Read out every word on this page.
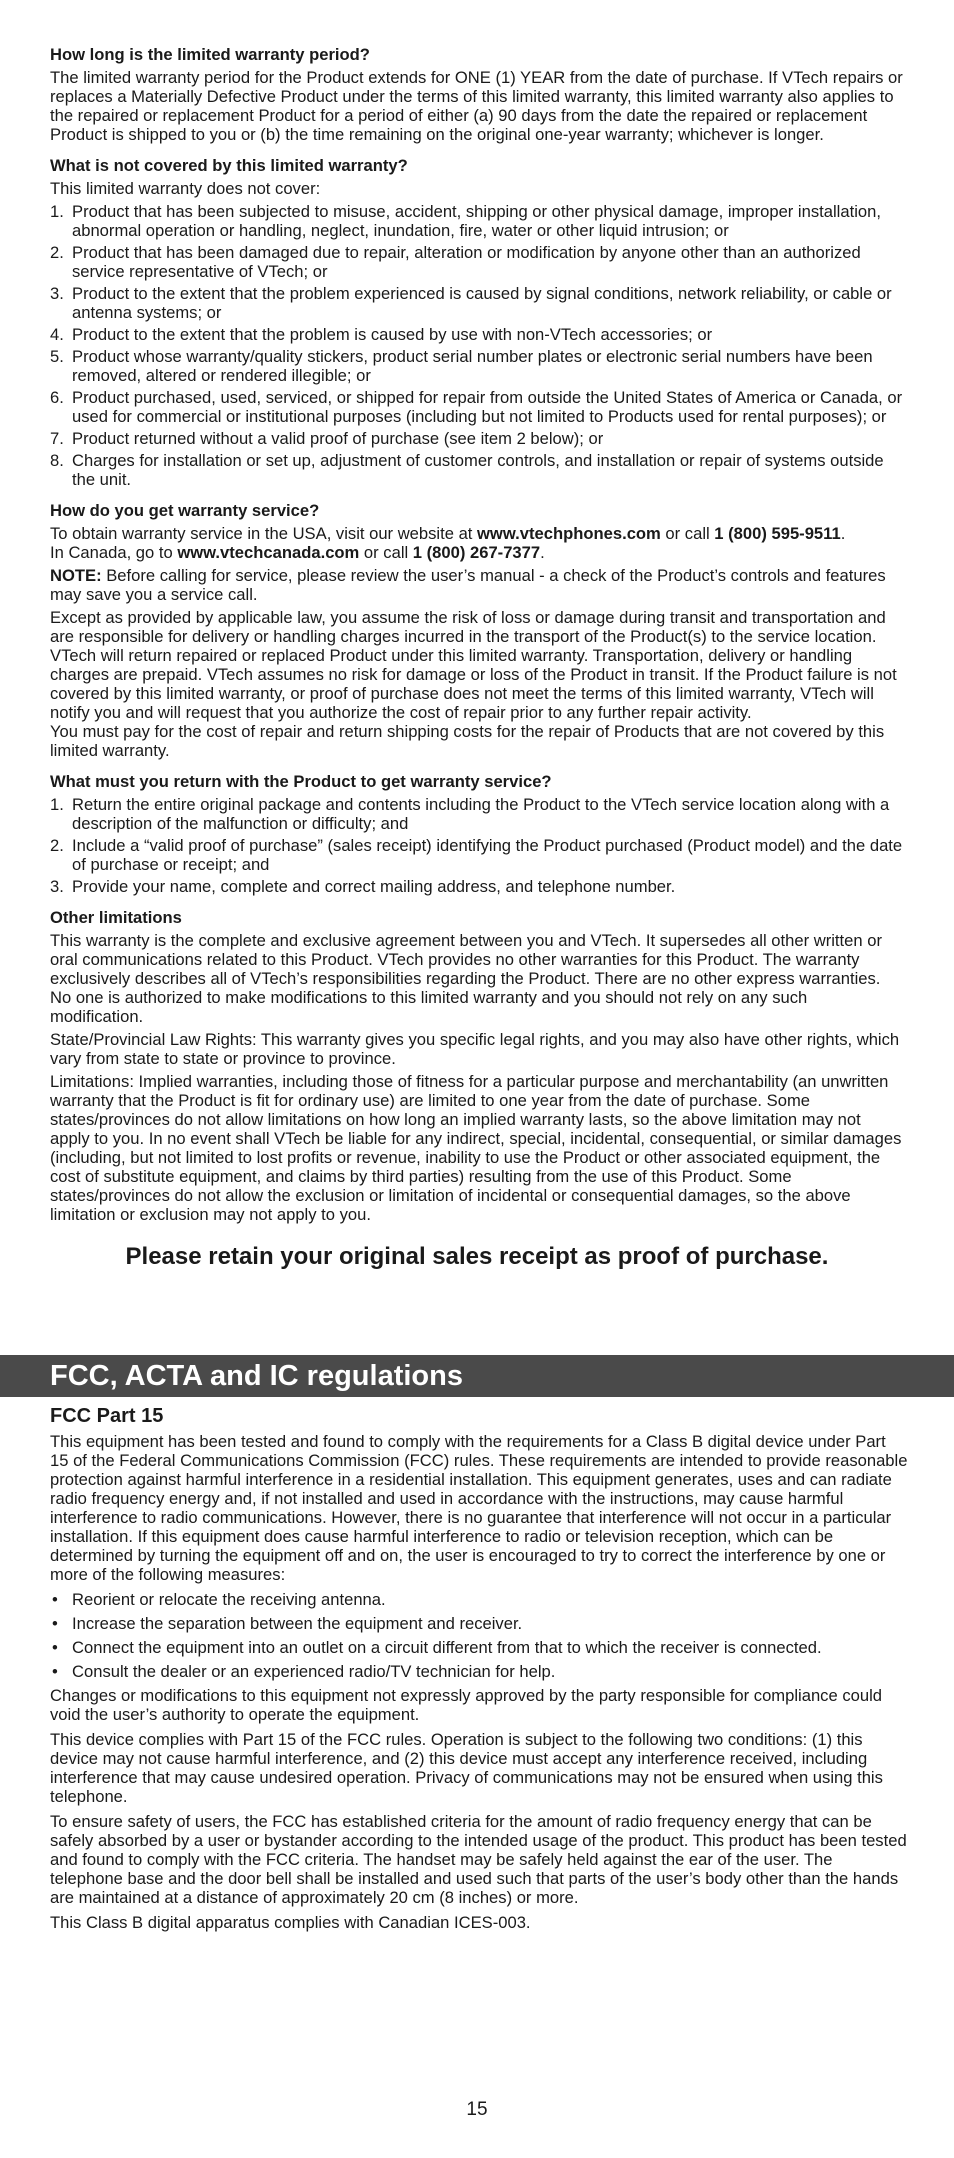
How long is the limited warranty period?

The limited warranty period for the Product extends for ONE (1) YEAR from the date of purchase. If VTech repairs or replaces a Materially Defective Product under the terms of this limited warranty, this limited warranty also applies to the repaired or replacement Product for a period of either (a) 90 days from the date the repaired or replacement Product is shipped to you or (b) the time remaining on the original one-year warranty; whichever is longer.

What is not covered by this limited warranty?

This limited warranty does not cover:

1. Product that has been subjected to misuse, accident, shipping or other physical damage, improper installation, abnormal operation or handling, neglect, inundation, fire, water or other liquid intrusion; or
2. Product that has been damaged due to repair, alteration or modification by anyone other than an authorized service representative of VTech; or
3. Product to the extent that the problem experienced is caused by signal conditions, network reliability, or cable or antenna systems; or
4. Product to the extent that the problem is caused by use with non-VTech accessories; or
5. Product whose warranty/quality stickers, product serial number plates or electronic serial numbers have been removed, altered or rendered illegible; or
6. Product purchased, used, serviced, or shipped for repair from outside the United States of America or Canada, or used for commercial or institutional purposes (including but not limited to Products used for rental purposes); or
7. Product returned without a valid proof of purchase (see item 2 below); or
8. Charges for installation or set up, adjustment of customer controls, and installation or repair of systems outside the unit.
How do you get warranty service?

To obtain warranty service in the USA, visit our website at www.vtechphones.com or call 1 (800) 595-9511.
In Canada, go to www.vtechcanada.com or call 1 (800) 267-7377.

NOTE: Before calling for service, please review the user’s manual - a check of the Product’s controls and features may save you a service call.

Except as provided by applicable law, you assume the risk of loss or damage during transit and transportation and are responsible for delivery or handling charges incurred in the transport of the Product(s) to the service location. VTech will return repaired or replaced Product under this limited warranty. Transportation, delivery or handling charges are prepaid. VTech assumes no risk for damage or loss of the Product in transit. If the Product failure is not covered by this limited warranty, or proof of purchase does not meet the terms of this limited warranty, VTech will notify you and will request that you authorize the cost of repair prior to any further repair activity.

You must pay for the cost of repair and return shipping costs for the repair of Products that are not covered by this limited warranty.

What must you return with the Product to get warranty service?
1. Return the entire original package and contents including the Product to the VTech service location along with a description of the malfunction or difficulty; and
2. Include a “valid proof of purchase” (sales receipt) identifying the Product purchased (Product model) and the date of purchase or receipt; and
3. Provide your name, complete and correct mailing address, and telephone number.
Other limitations

This warranty is the complete and exclusive agreement between you and VTech. It supersedes all other written or oral communications related to this Product. VTech provides no other warranties for this Product. The warranty exclusively describes all of VTech’s responsibilities regarding the Product. There are no other express warranties. No one is authorized to make modifications to this limited warranty and you should not rely on any such modification.

State/Provincial Law Rights: This warranty gives you specific legal rights, and you may also have other rights, which vary from state to state or province to province.

Limitations: Implied warranties, including those of fitness for a particular purpose and merchantability (an unwritten warranty that the Product is fit for ordinary use) are limited to one year from the date of purchase. Some states/provinces do not allow limitations on how long an implied warranty lasts, so the above limitation may not apply to you. In no event shall VTech be liable for any indirect, special, incidental, consequential, or similar damages (including, but not limited to lost profits or revenue, inability to use the Product or other associated equipment, the cost of substitute equipment, and claims by third parties) resulting from the use of this Product. Some states/provinces do not allow the exclusion or limitation of incidental or consequential damages, so the above limitation or exclusion may not apply to you.

Please retain your original sales receipt as proof of purchase.
FCC, ACTA and IC regulations
FCC Part 15

This equipment has been tested and found to comply with the requirements for a Class B digital device under Part 15 of the Federal Communications Commission (FCC) rules. These requirements are intended to provide reasonable protection against harmful interference in a residential installation. This equipment generates, uses and can radiate radio frequency energy and, if not installed and used in accordance with the instructions, may cause harmful interference to radio communications. However, there is no guarantee that interference will not occur in a particular installation. If this equipment does cause harmful interference to radio or television reception, which can be determined by turning the equipment off and on, the user is encouraged to try to correct the interference by one or more of the following measures:

• Reorient or relocate the receiving antenna.
• Increase the separation between the equipment and receiver.
• Connect the equipment into an outlet on a circuit different from that to which the receiver is connected.
• Consult the dealer or an experienced radio/TV technician for help.

Changes or modifications to this equipment not expressly approved by the party responsible for compliance could void the user’s authority to operate the equipment.

This device complies with Part 15 of the FCC rules. Operation is subject to the following two conditions: (1) this device may not cause harmful interference, and (2) this device must accept any interference received, including interference that may cause undesired operation. Privacy of communications may not be ensured when using this telephone.

To ensure safety of users, the FCC has established criteria for the amount of radio frequency energy that can be safely absorbed by a user or bystander according to the intended usage of the product. This product has been tested and found to comply with the FCC criteria. The handset may be safely held against the ear of the user. The telephone base and the door bell shall be installed and used such that parts of the user’s body other than the hands are maintained at a distance of approximately 20 cm (8 inches) or more.

This Class B digital apparatus complies with Canadian ICES-003.

15
